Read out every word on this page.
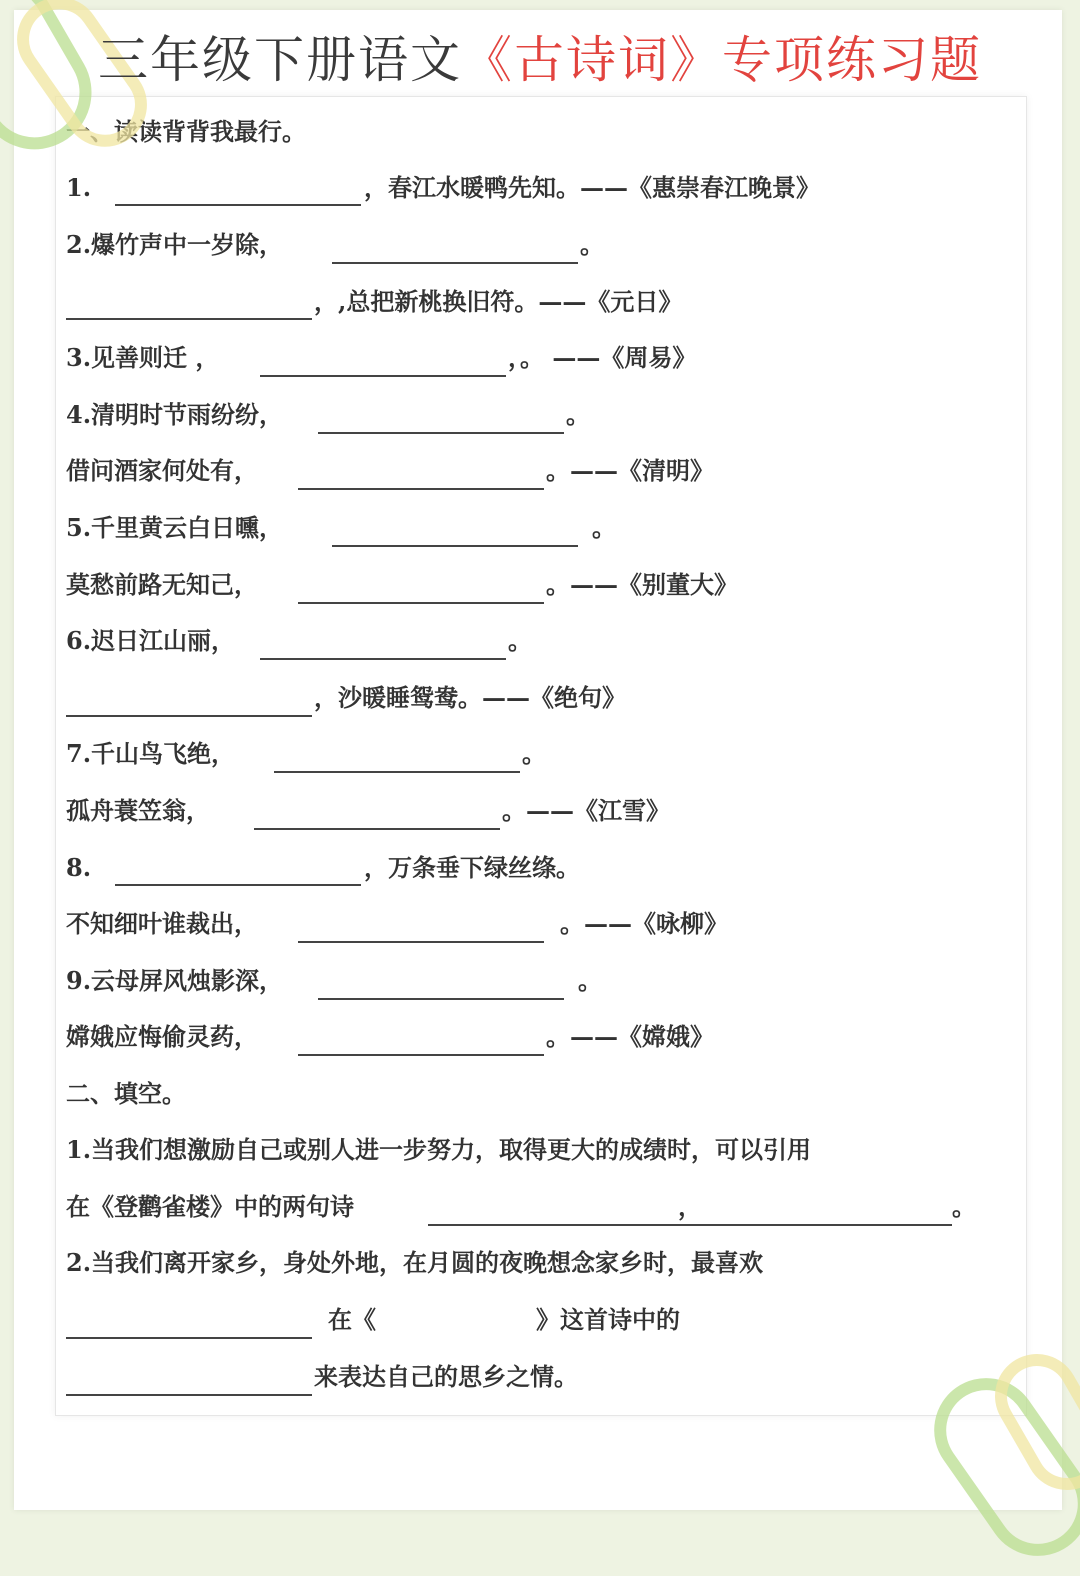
三年级下册语文《古诗词》专项练习题
一、读读背背我最行。
1.	，春江水暖鸭先知。——《惠崇春江晚景》
2.爆竹声中一岁除，	。
，,总把新桃换旧符。——《元日》
3.见善则迁 ，	，。 ——《周易》
4.清明时节雨纷纷，	。
借问酒家何处有，	。——《清明》
5.千里黄云白日曛，	。
莫愁前路无知己，	。——《别董大》
6.迟日江山丽，	。
，沙暖睡鸳鸯。——《绝句》
7.千山鸟飞绝，	。
孤舟蓑笠翁，	。——《江雪》
8.	，万条垂下绿丝绦。
不知细叶谁裁出，	。——《咏柳》
9.云母屏风烛影深，	。
嫦娥应悔偷灵药，	。——《嫦娥》
二、填空。
1.当我们想激励自己或别人进一步努力，取得更大的成绩时，可以引用
在《登鹳雀楼》中的两句诗	，	。
2.当我们离开家乡，身处外地，在月圆的夜晚想念家乡时，最喜欢
在《	》这首诗中的
来表达自己的思乡之情。
